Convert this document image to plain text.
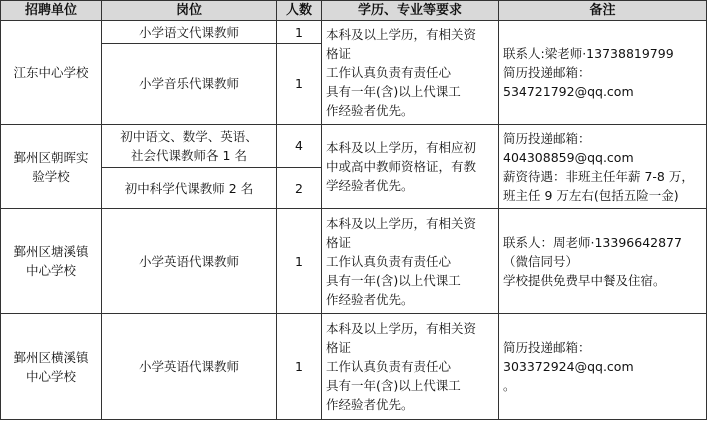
招聘单位	岗位	人数	学历、专业等要求	备注

江东中心学校	小学语文代课教师	1	本科及以上学历，有相关资
格证
工作认真负责有责任心
具有一年(含)以上代课工
作经验者优先。	联系人:梁老师·13738819799
简历投递邮箱：
534721792@qq.com

	小学音乐代课教师	1		

鄞州区朝晖实
验学校	初中语文、数学、英语、
社会代课教师各 1 名	4	本科及以上学历，有相应初
中或高中教师资格证，有教
学经验者优先。	简历投递邮箱：
404308859@qq.com
薪资待遇：非班主任年薪 7-8 万，
班主任 9 万左右(包括五险一金)

	初中科学代课教师 2 名	2		

鄞州区塘溪镇
中心学校	小学英语代课教师	1	本科及以上学历，有相关资
格证
工作认真负责有责任心
具有一年(含)以上代课工
作经验者优先。	联系人：周老师·13396642877
（微信同号）
学校提供免费早中餐及住宿。

鄞州区横溪镇
中心学校	小学英语代课教师	1	本科及以上学历，有相关资
格证
工作认真负责有责任心
具有一年(含)以上代课工
作经验者优先。	简历投递邮箱：
303372924@qq.com
。
